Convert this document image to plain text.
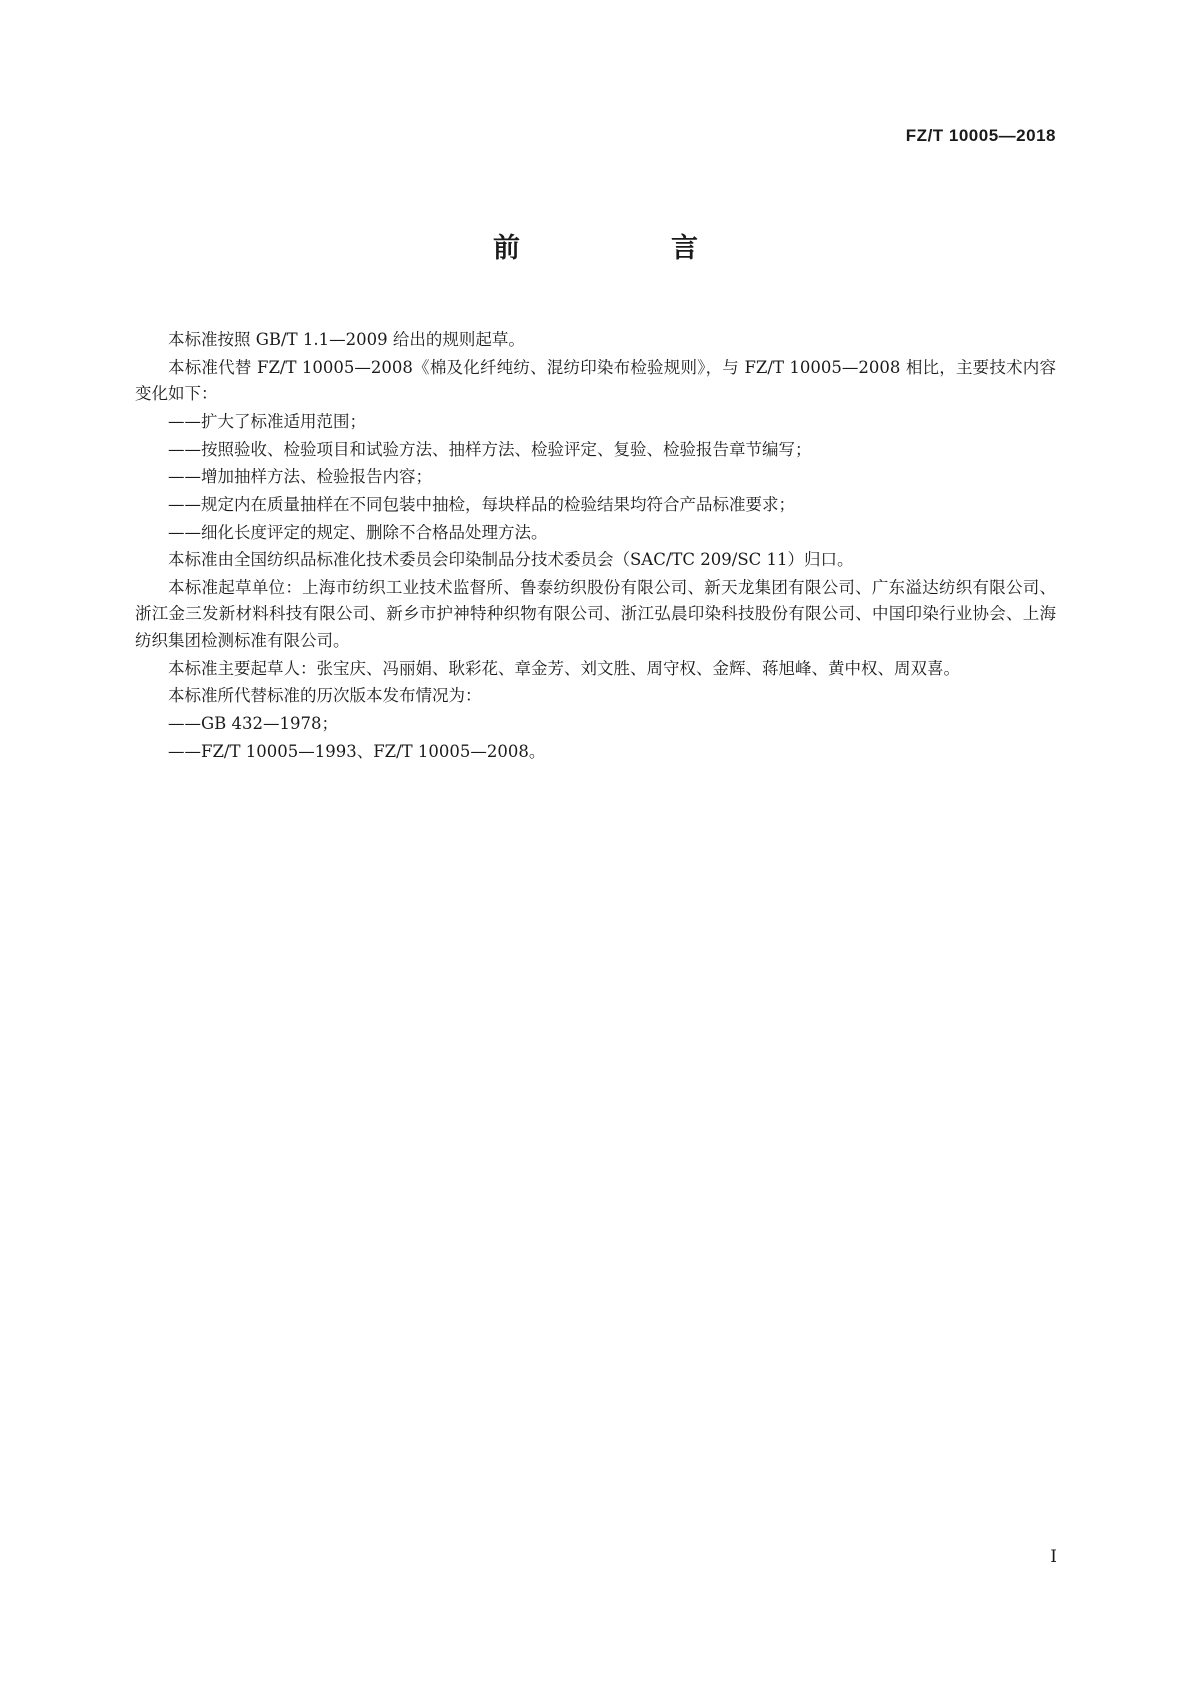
FZ/T 10005—2018
前　言

本标准按照 GB/T 1.1—2009 给出的规则起草。

本标准代替 FZ/T 10005—2008《棉及化纤纯纺、混纺印染布检验规则》，与 FZ/T 10005—2008 相比，主要技术内容变化如下：

——扩大了标准适用范围；

——按照验收、检验项目和试验方法、抽样方法、检验评定、复验、检验报告章节编写；

——增加抽样方法、检验报告内容；

——规定内在质量抽样在不同包装中抽检，每块样品的检验结果均符合产品标准要求；

——细化长度评定的规定、删除不合格品处理方法。

本标准由全国纺织品标准化技术委员会印染制品分技术委员会（SAC/TC 209/SC 11）归口。

本标准起草单位：上海市纺织工业技术监督所、鲁泰纺织股份有限公司、新天龙集团有限公司、广东溢达纺织有限公司、浙江金三发新材料科技有限公司、新乡市护神特种织物有限公司、浙江弘晨印染科技股份有限公司、中国印染行业协会、上海纺织集团检测标准有限公司。

本标准主要起草人：张宝庆、冯丽娟、耿彩花、章金芳、刘文胜、周守权、金辉、蒋旭峰、黄中权、周双喜。

本标准所代替标准的历次版本发布情况为：

——GB 432—1978；

——FZ/T 10005—1993、FZ/T 10005—2008。

Ⅰ
